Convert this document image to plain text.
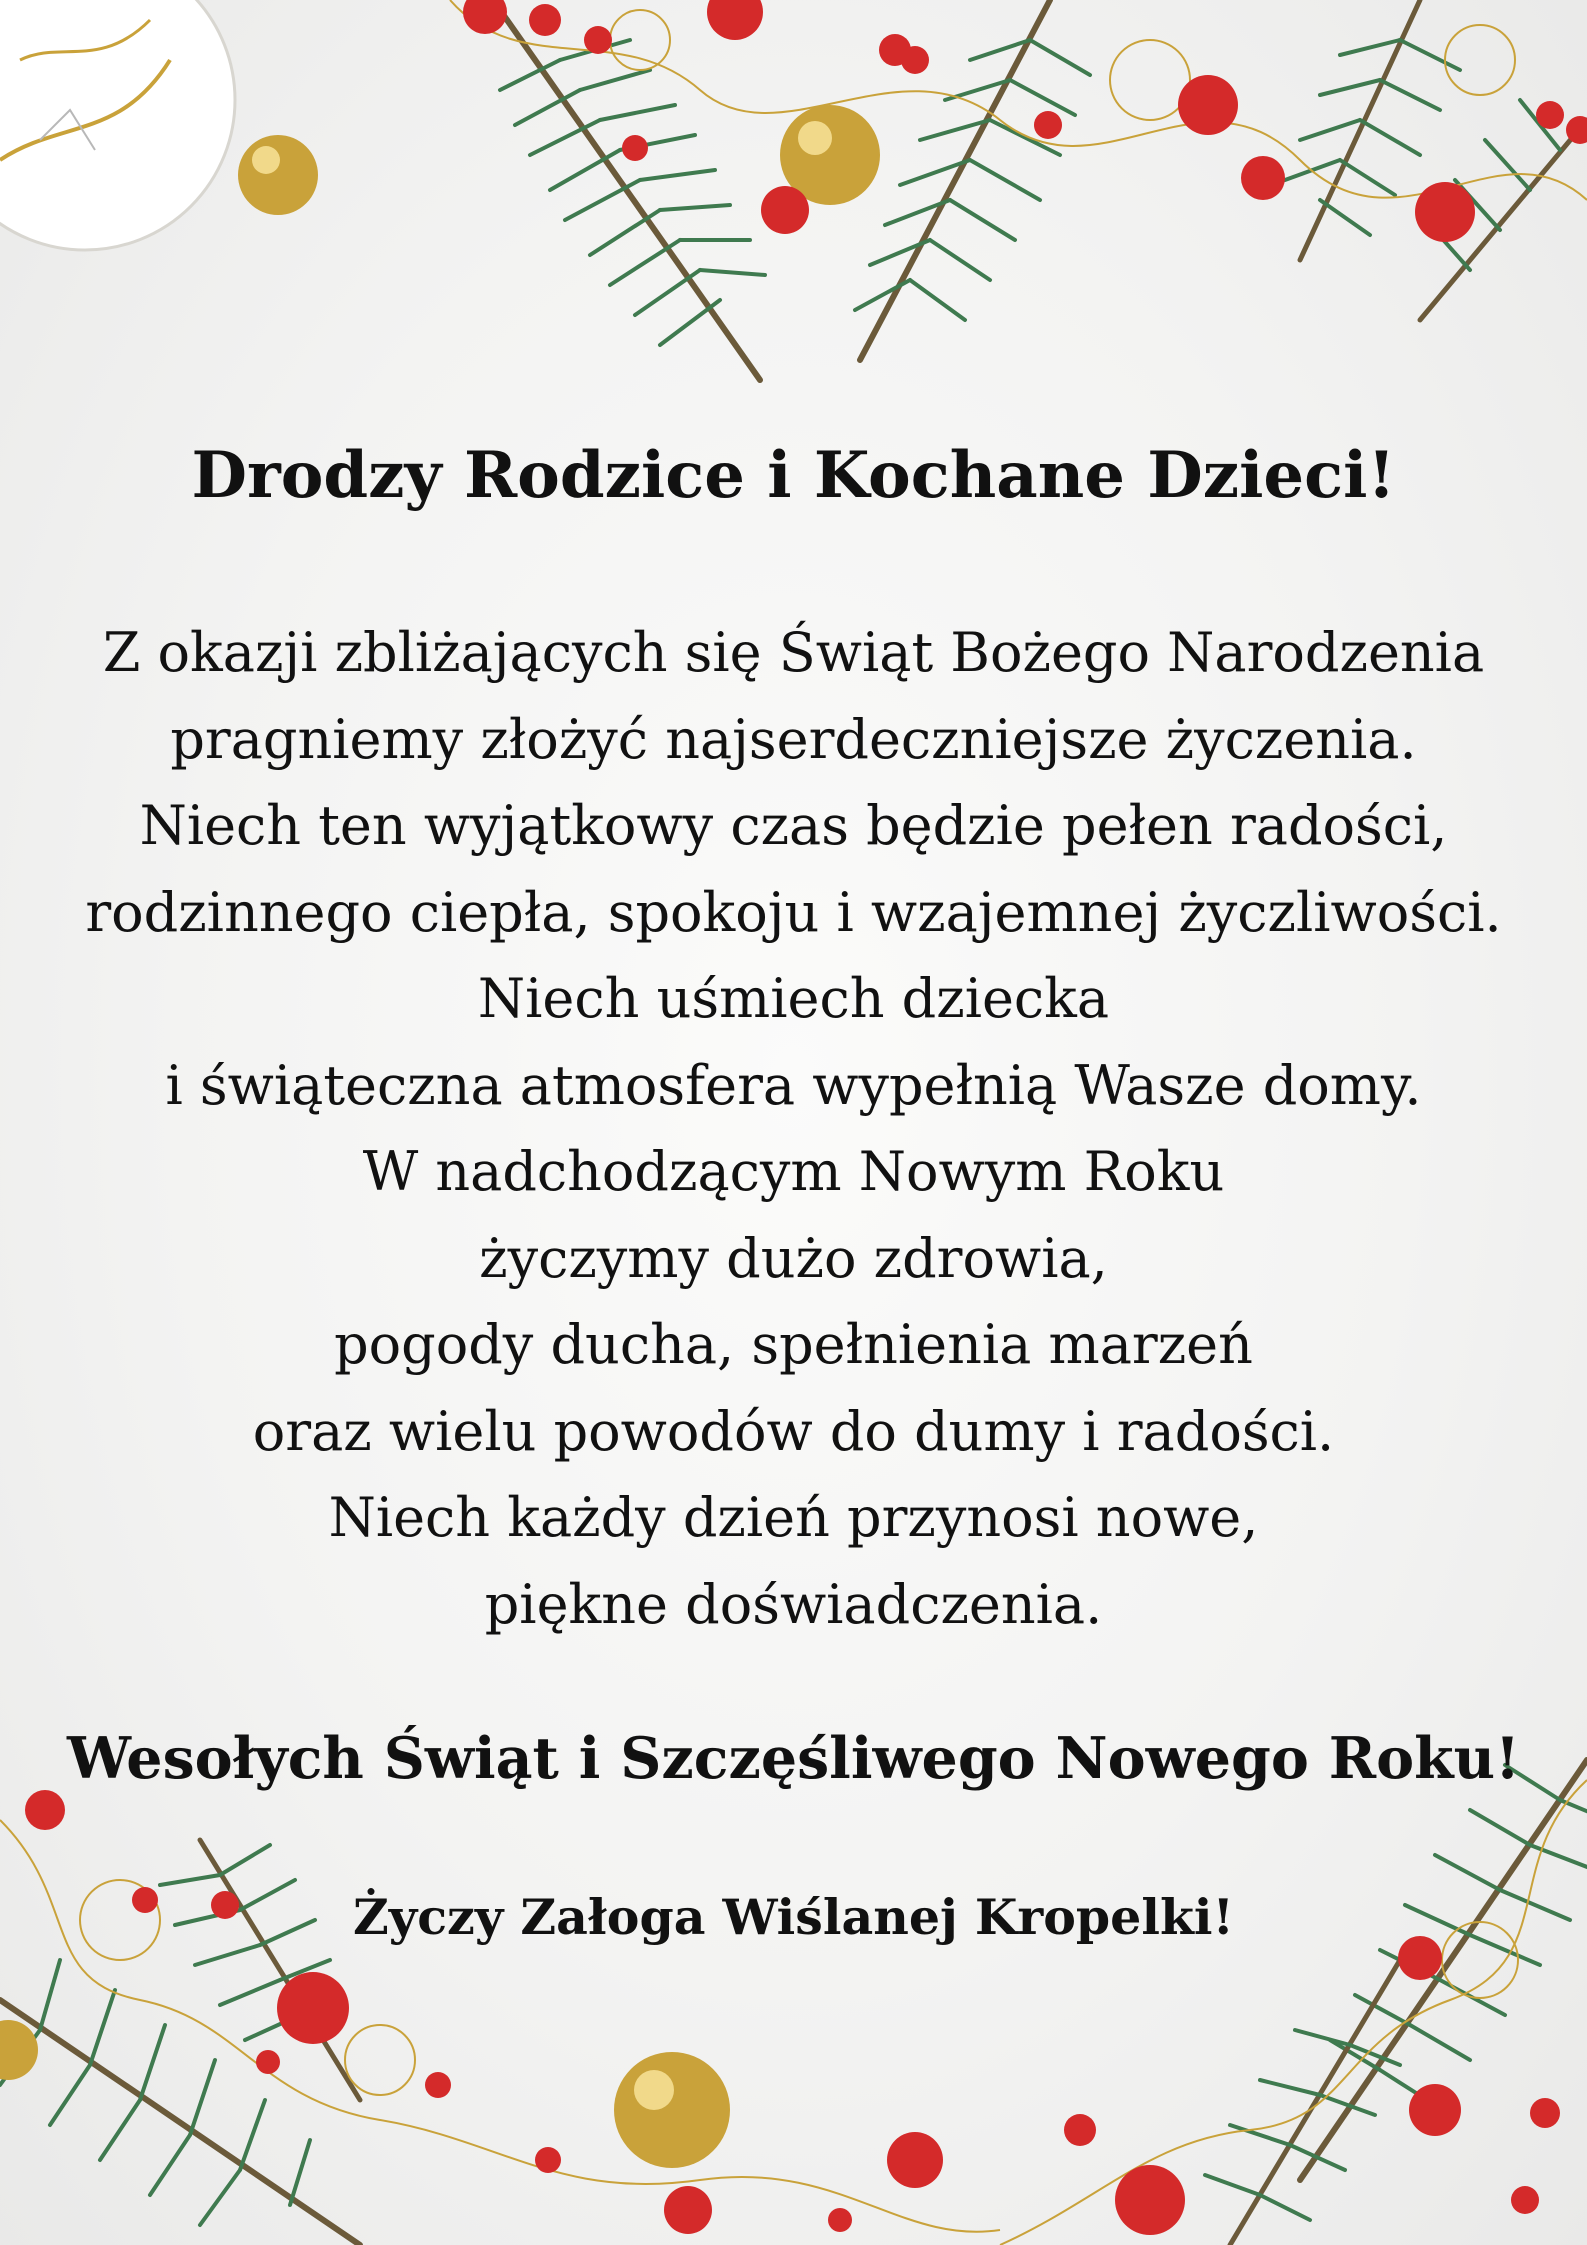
Drodzy Rodzice i Kochane Dzieci!
Z okazji zbliżających się Świąt Bożego Narodzenia
pragniemy złożyć najserdeczniejsze życzenia.
Niech ten wyjątkowy czas będzie pełen radości,
rodzinnego ciepła, spokoju i wzajemnej życzliwości.
Niech uśmiech dziecka
i świąteczna atmosfera wypełnią Wasze domy.
W nadchodzącym Nowym Roku
życzymy dużo zdrowia,
pogody ducha, spełnienia marzeń
oraz wielu powodów do dumy i radości.
Niech każdy dzień przynosi nowe,
piękne doświadczenia.
Wesołych Świąt i Szczęśliwego Nowego Roku!
Życzy Załoga Wiślanej Kropelki!
